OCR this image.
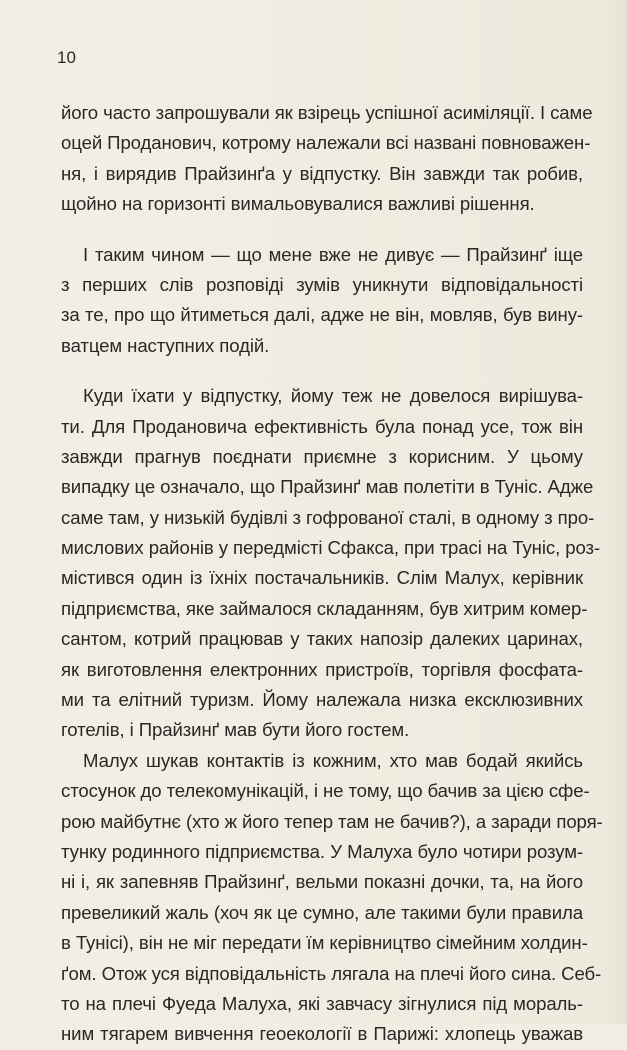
10
його часто запрошували як взірець успішної асиміляції. І саме
оцей Проданович, котрому належали всі названі повноважен-
ня, і вирядив Прайзинґа у відпустку. Він завжди так робив,
щойно на горизонті вимальовувалися важливі рішення.
І таким чином — що мене вже не дивує — Прайзинґ іще
з перших слів розповіді зумів уникнути відповідальності
за те, про що йтиметься далі, адже не він, мовляв, був вину-
ватцем наступних подій.
Куди їхати у відпустку, йому теж не довелося вирішува-
ти. Для Продановича ефективність була понад усе, тож він
завжди прагнув поєднати приємне з корисним. У цьому
випадку це означало, що Прайзинґ мав полетіти в Туніс. Адже
саме там, у низькій будівлі з гофрованої сталі, в одному з про-
мислових районів у передмісті Сфакса, при трасі на Туніс, роз-
містився один із їхніх постачальників. Слім Малух, керівник
підприємства, яке займалося складанням, був хитрим комер-
сантом, котрий працював у таких напозір далеких царинах,
як виготовлення електронних пристроїв, торгівля фосфата-
ми та елітний туризм. Йому належала низка ексклюзивних
готелів, і Прайзинґ мав бути його гостем.
Малух шукав контактів із кожним, хто мав бодай якийсь
стосунок до телекомунікацій, і не тому, що бачив за цією сфе-
рою майбутнє (хто ж його тепер там не бачив?), а заради поря-
тунку родинного підприємства. У Малуха було чотири розум-
ні і, як запевняв Прайзинґ, вельми показні дочки, та, на його
превеликий жаль (хоч як це сумно, але такими були правила
в Тунісі), він не міг передати їм керівництво сімейним холдин-
ґом. Отож уся відповідальність лягала на плечі його сина. Себ-
то на плечі Фуеда Малуха, які завчасу зігнулися під мораль-
ним тягарем вивчення геоекології в Парижі: хлопець уважав
